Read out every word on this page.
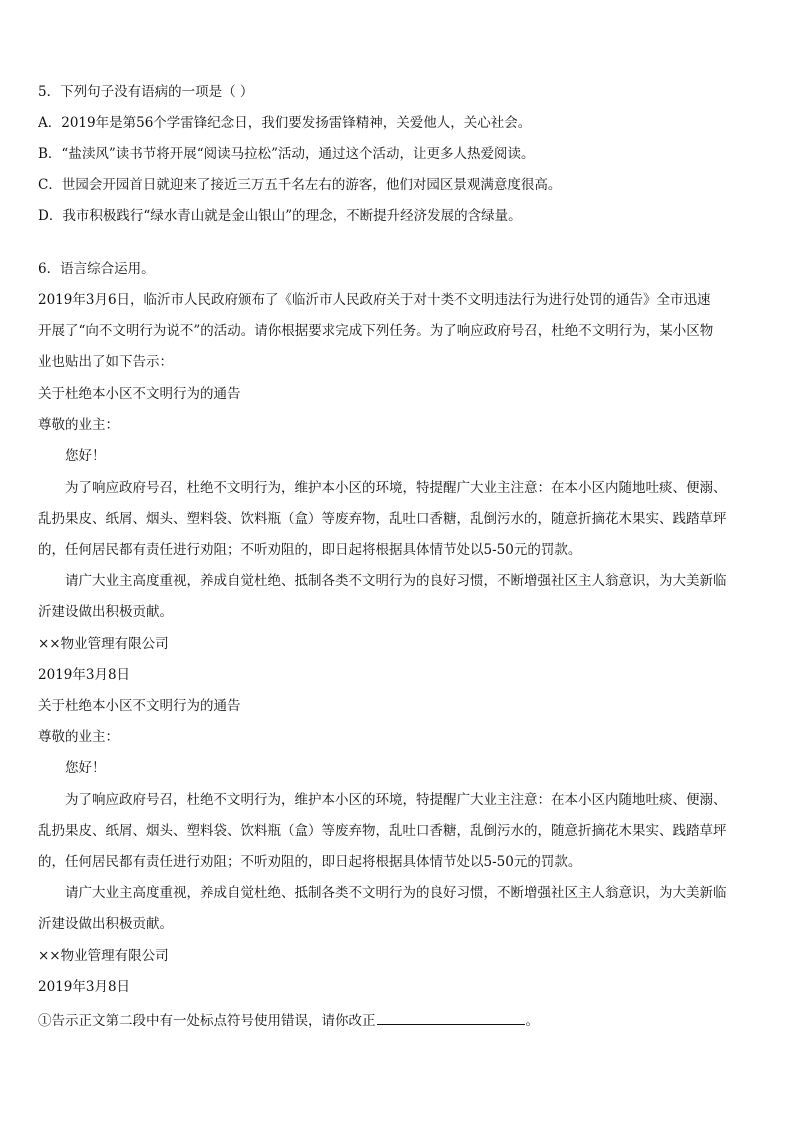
5．下列句子没有语病的一项是（ ）
A．2019年是第56个学雷锋纪念日，我们要发扬雷锋精神，关爱他人，关心社会。
B．“盐渎风”读书节将开展“阅读马拉松”活动，通过这个活动，让更多人热爱阅读。
C．世园会开园首日就迎来了接近三万五千名左右的游客，他们对园区景观满意度很高。
D．我市积极践行“绿水青山就是金山银山”的理念，不断提升经济发展的含绿量。
6．语言综合运用。
2019年3月6日，临沂市人民政府颁布了《临沂市人民政府关于对十类不文明违法行为进行处罚的通告》全市迅速
开展了“向不文明行为说不”的活动。请你根据要求完成下列任务。为了响应政府号召，杜绝不文明行为，某小区物
业也贴出了如下告示：
关于杜绝本小区不文明行为的通告
尊敬的业主：
您好！
为了响应政府号召，杜绝不文明行为，维护本小区的环境，特提醒广大业主注意：在本小区内随地吐痰、便溺、
乱扔果皮、纸屑、烟头、塑料袋、饮料瓶（盒）等废弃物，乱吐口香糖，乱倒污水的，随意折摘花木果实、践踏草坪
的，任何居民都有责任进行劝阻；不听劝阻的，即日起将根据具体情节处以5-50元的罚款。
请广大业主高度重视，养成自觉杜绝、抵制各类不文明行为的良好习惯，不断增强社区主人翁意识，为大美新临
沂建设做出积极贡献。
××物业管理有限公司
2019年3月8日
关于杜绝本小区不文明行为的通告
尊敬的业主：
您好！
为了响应政府号召，杜绝不文明行为，维护本小区的环境，特提醒广大业主注意：在本小区内随地吐痰、便溺、
乱扔果皮、纸屑、烟头、塑料袋、饮料瓶（盒）等废弃物，乱吐口香糖，乱倒污水的，随意折摘花木果实、践踏草坪
的，任何居民都有责任进行劝阻；不听劝阻的，即日起将根据具体情节处以5-50元的罚款。
请广大业主高度重视，养成自觉杜绝、抵制各类不文明行为的良好习惯，不断增强社区主人翁意识，为大美新临
沂建设做出积极贡献。
××物业管理有限公司
2019年3月8日
①告示正文第二段中有一处标点符号使用错误，请你改正	。
